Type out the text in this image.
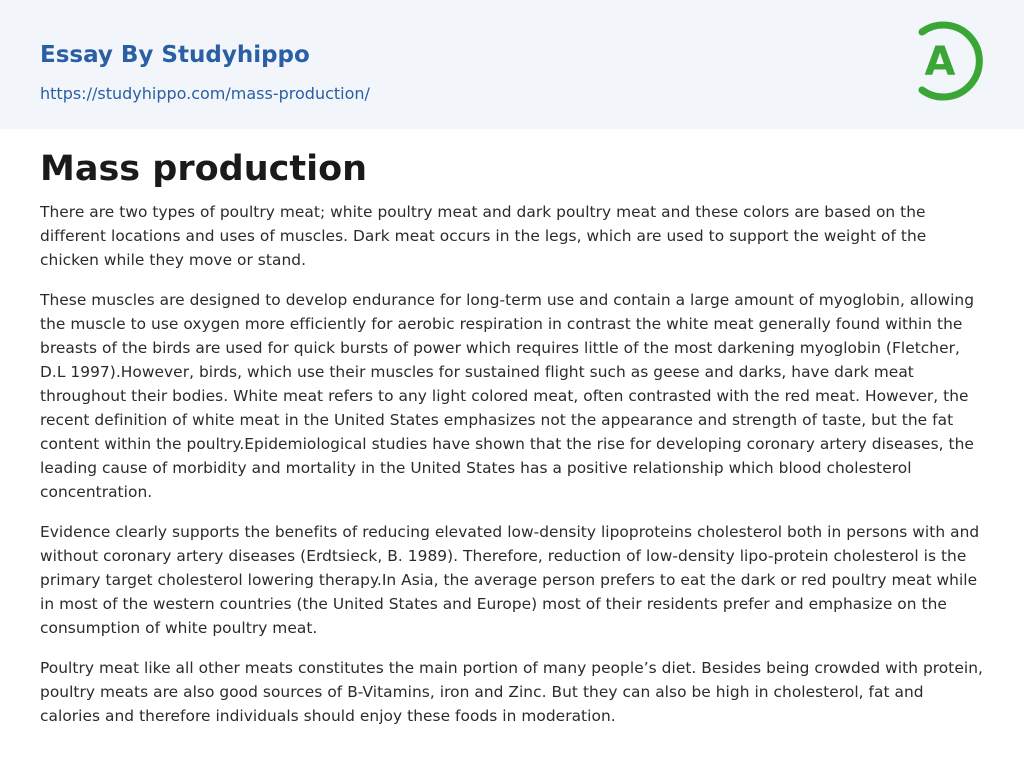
Essay By Studyhippo
https://studyhippo.com/mass-production/
A
Mass production

There are two types of poultry meat; white poultry meat and dark poultry meat and these colors are based on the different locations and uses of muscles. Dark meat occurs in the legs, which are used to support the weight of the chicken while they move or stand.

These muscles are designed to develop endurance for long-term use and contain a large amount of myoglobin, allowing the muscle to use oxygen more efficiently for aerobic respiration in contrast the white meat generally found within the breasts of the birds are used for quick bursts of power which requires little of the most darkening myoglobin (Fletcher, D.L 1997).However, birds, which use their muscles for sustained flight such as geese and darks, have dark meat throughout their bodies. White meat refers to any light colored meat, often contrasted with the red meat. However, the recent definition of white meat in the United States emphasizes not the appearance and strength of taste, but the fat content within the poultry.Epidemiological studies have shown that the rise for developing coronary artery diseases, the leading cause of morbidity and mortality in the United States has a positive relationship which blood cholesterol concentration.

Evidence clearly supports the benefits of reducing elevated low-density lipoproteins cholesterol both in persons with and without coronary artery diseases (Erdtsieck, B. 1989). Therefore, reduction of low-density lipo-protein cholesterol is the primary target cholesterol lowering therapy.In Asia, the average person prefers to eat the dark or red poultry meat while in most of the western countries (the United States and Europe) most of their residents prefer and emphasize on the consumption of white poultry meat.

Poultry meat like all other meats constitutes the main portion of many people’s diet. Besides being crowded with protein, poultry meats are also good sources of B-Vitamins, iron and Zinc. But they can also be high in cholesterol, fat and calories and therefore individuals should enjoy these foods in moderation.
